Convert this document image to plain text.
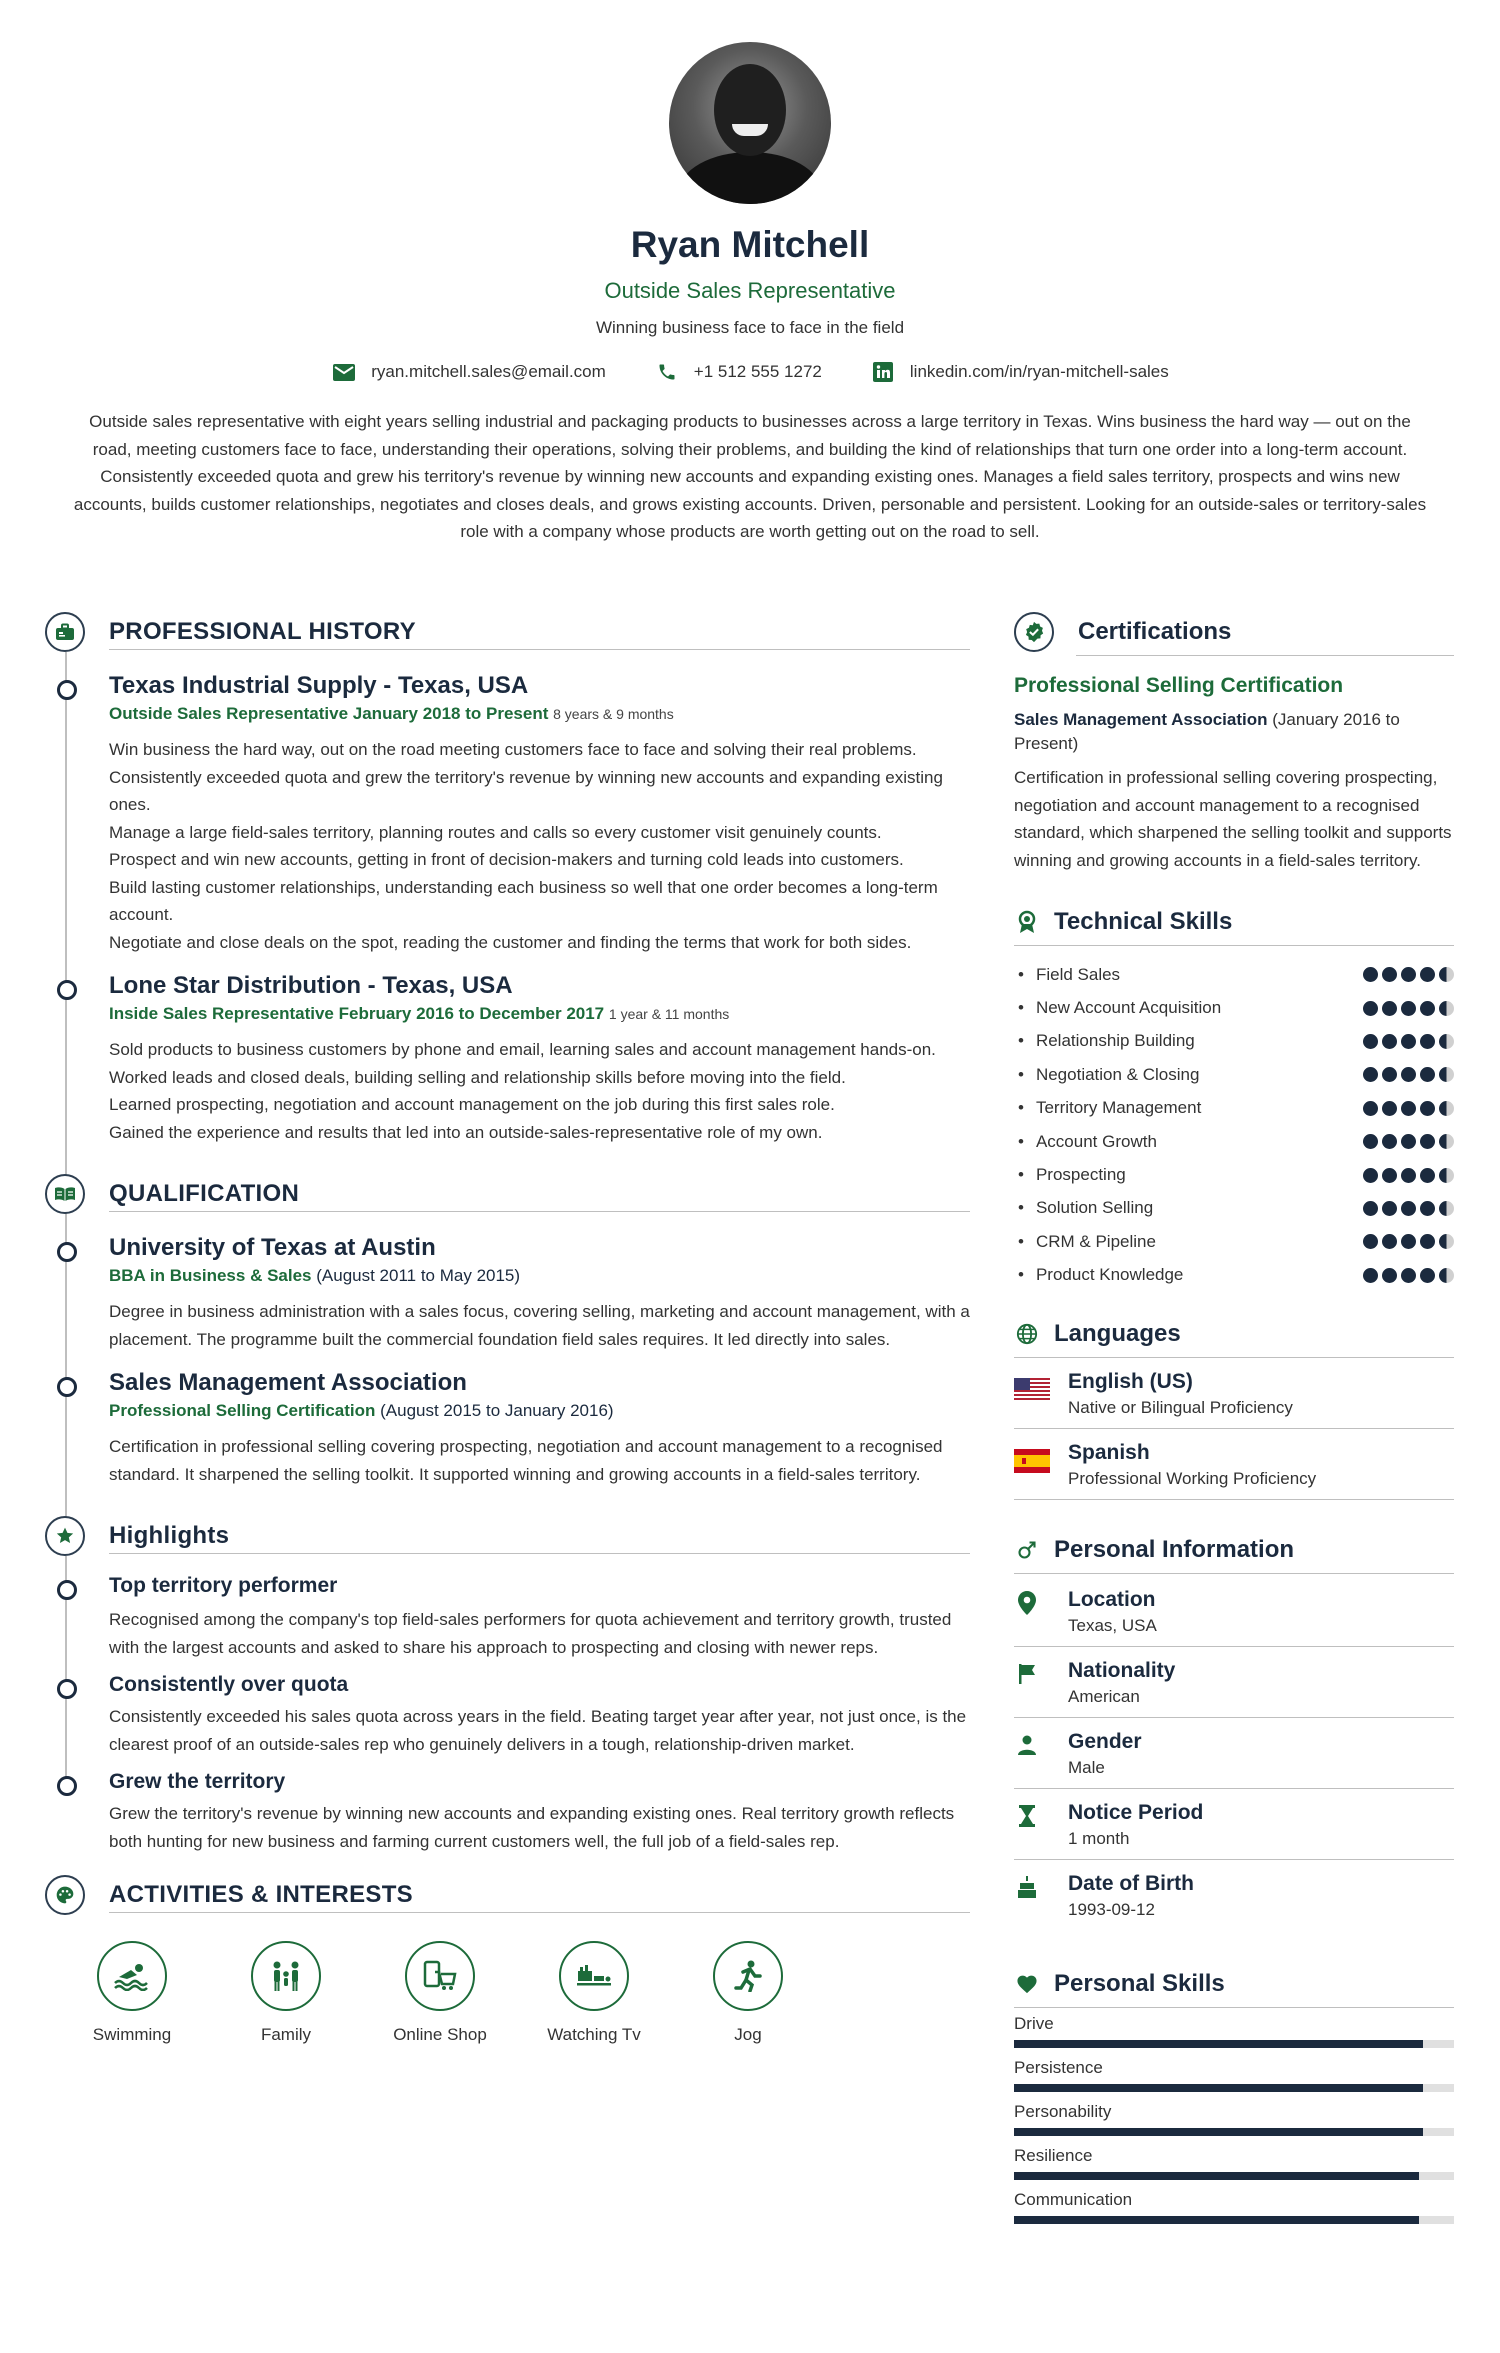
Ryan Mitchell
Outside Sales Representative
Winning business face to face in the field
ryan.mitchell.sales@email.com	+1 512 555 1272	linkedin.com/in/ryan-mitchell-sales
Outside sales representative with eight years selling industrial and packaging products to businesses across a large territory in Texas. Wins business the hard way — out on the road, meeting customers face to face, understanding their operations, solving their problems, and building the kind of relationships that turn one order into a long-term account. Consistently exceeded quota and grew his territory's revenue by winning new accounts and expanding existing ones. Manages a field sales territory, prospects and wins new accounts, builds customer relationships, negotiates and closes deals, and grows existing accounts. Driven, personable and persistent. Looking for an outside-sales or territory-sales role with a company whose products are worth getting out on the road to sell.
PROFESSIONAL HISTORY
Texas Industrial Supply - Texas, USA
Outside Sales Representative January 2018 to Present 8 years & 9 months

Win business the hard way, out on the road meeting customers face to face and solving their real problems.

Consistently exceeded quota and grew the territory's revenue by winning new accounts and expanding existing ones.

Manage a large field-sales territory, planning routes and calls so every customer visit genuinely counts.

Prospect and win new accounts, getting in front of decision-makers and turning cold leads into customers.

Build lasting customer relationships, understanding each business so well that one order becomes a long-term account.

Negotiate and close deals on the spot, reading the customer and finding the terms that work for both sides.

Lone Star Distribution - Texas, USA
Inside Sales Representative February 2016 to December 2017 1 year & 11 months

Sold products to business customers by phone and email, learning sales and account management hands-on.

Worked leads and closed deals, building selling and relationship skills before moving into the field.

Learned prospecting, negotiation and account management on the job during this first sales role.

Gained the experience and results that led into an outside-sales-representative role of my own.

QUALIFICATION
University of Texas at Austin
BBA in Business & Sales (August 2011 to May 2015)
Degree in business administration with a sales focus, covering selling, marketing and account management, with a placement. The programme built the commercial foundation field sales requires. It led directly into sales.
Sales Management Association
Professional Selling Certification (August 2015 to January 2016)
Certification in professional selling covering prospecting, negotiation and account management to a recognised standard. It sharpened the selling toolkit. It supported winning and growing accounts in a field-sales territory.
Highlights
Top territory performer
Recognised among the company's top field-sales performers for quota achievement and territory growth, trusted with the largest accounts and asked to share his approach to prospecting and closing with newer reps.
Consistently over quota
Consistently exceeded his sales quota across years in the field. Beating target year after year, not just once, is the clearest proof of an outside-sales rep who genuinely delivers in a tough, relationship-driven market.
Grew the territory
Grew the territory's revenue by winning new accounts and expanding existing ones. Real territory growth reflects both hunting for new business and farming current customers well, the full job of a field-sales rep.
ACTIVITIES & INTERESTS
Swimming	Family	Online Shop	Watching Tv	Jog
Certifications
Professional Selling Certification
Sales Management Association (January 2016 to Present)
Certification in professional selling covering prospecting, negotiation and account management to a recognised standard, which sharpened the selling toolkit and supports winning and growing accounts in a field-sales territory.
Technical Skills
• Field Sales
• New Account Acquisition
• Relationship Building
• Negotiation & Closing
• Territory Management
• Account Growth
• Prospecting
• Solution Selling
• CRM & Pipeline
• Product Knowledge
Languages
English (US)
Native or Bilingual Proficiency
Spanish
Professional Working Proficiency
Personal Information
Location
Texas, USA
Nationality
American
Gender
Male
Notice Period
1 month
Date of Birth
1993-09-12
Personal Skills
Drive
Persistence
Personability
Resilience
Communication
